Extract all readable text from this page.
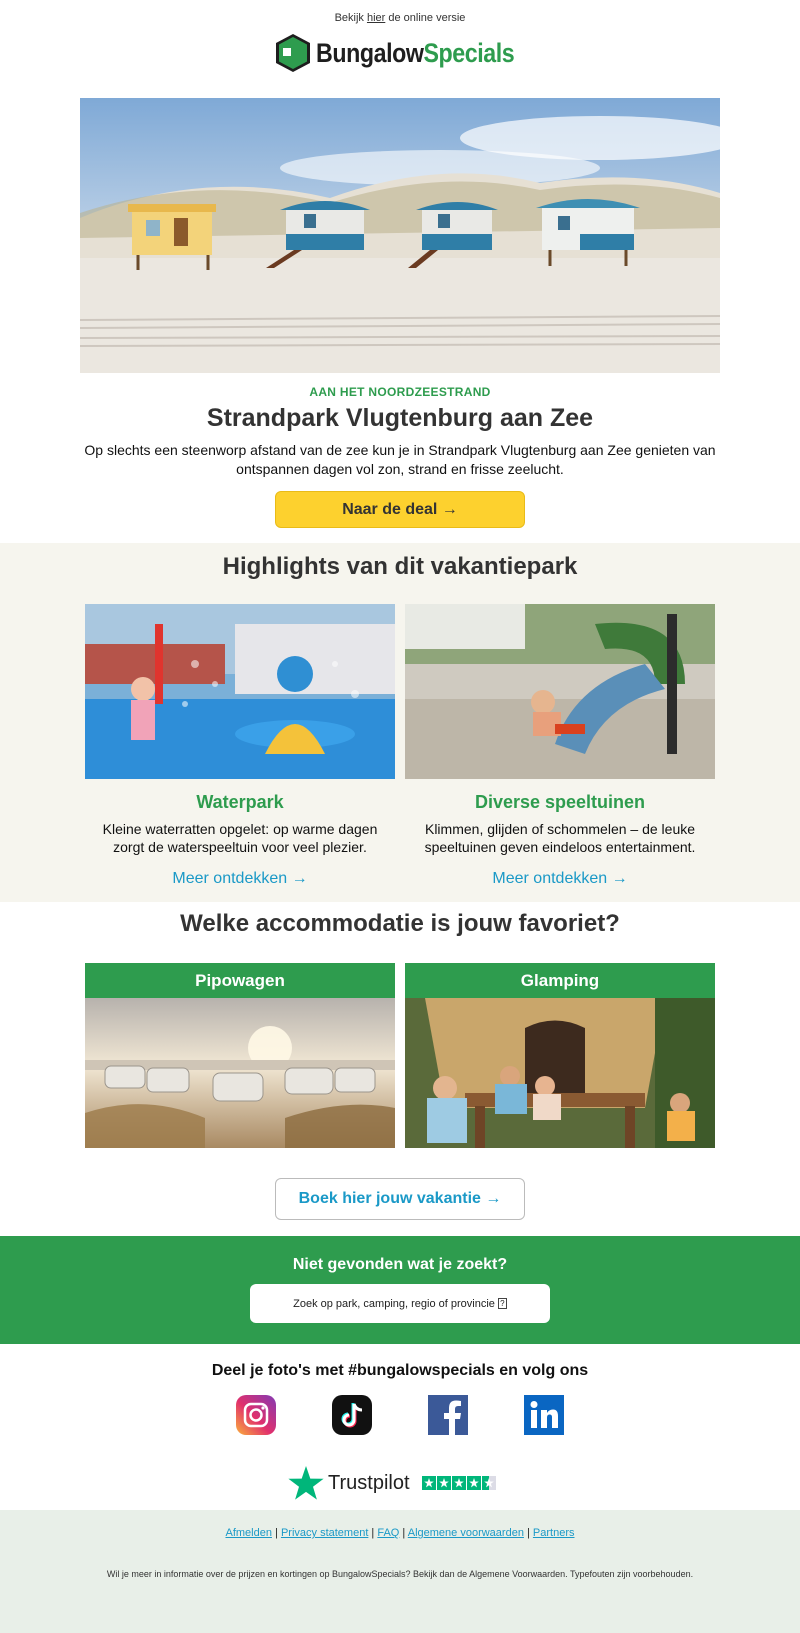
Bekijk hier de online versie
BungalowSpecials
AAN HET NOORDZEESTRAND
Strandpark Vlugtenburg aan Zee
Op slechts een steenworp afstand van de zee kun je in Strandpark Vlugtenburg aan Zee genieten van ontspannen dagen vol zon, strand en frisse zeelucht.
Naar de deal
→
Highlights van dit vakantiepark
Waterpark
Kleine waterratten opgelet: op warme dagen zorgt de waterspeeltuin voor veel plezier.
Meer ontdekken →
Diverse speeltuinen
Klimmen, glijden of schommelen – de leuke speeltuinen geven eindeloos entertainment.
Meer ontdekken →
Welke accommodatie is jouw favoriet?
Pipowagen	Glamping
Boek hier jouw vakantie
→
Niet gevonden wat je zoekt?
Zoek op park, camping, regio of provincie ?
Deel je foto's met #bungalowspecials en volg ons
Trustpilot
Afmelden | Privacy statement | FAQ | Algemene voorwaarden | Partners
Wil je meer in informatie over de prijzen en kortingen op BungalowSpecials? Bekijk dan de Algemene Voorwaarden. Typefouten zijn voorbehouden.
